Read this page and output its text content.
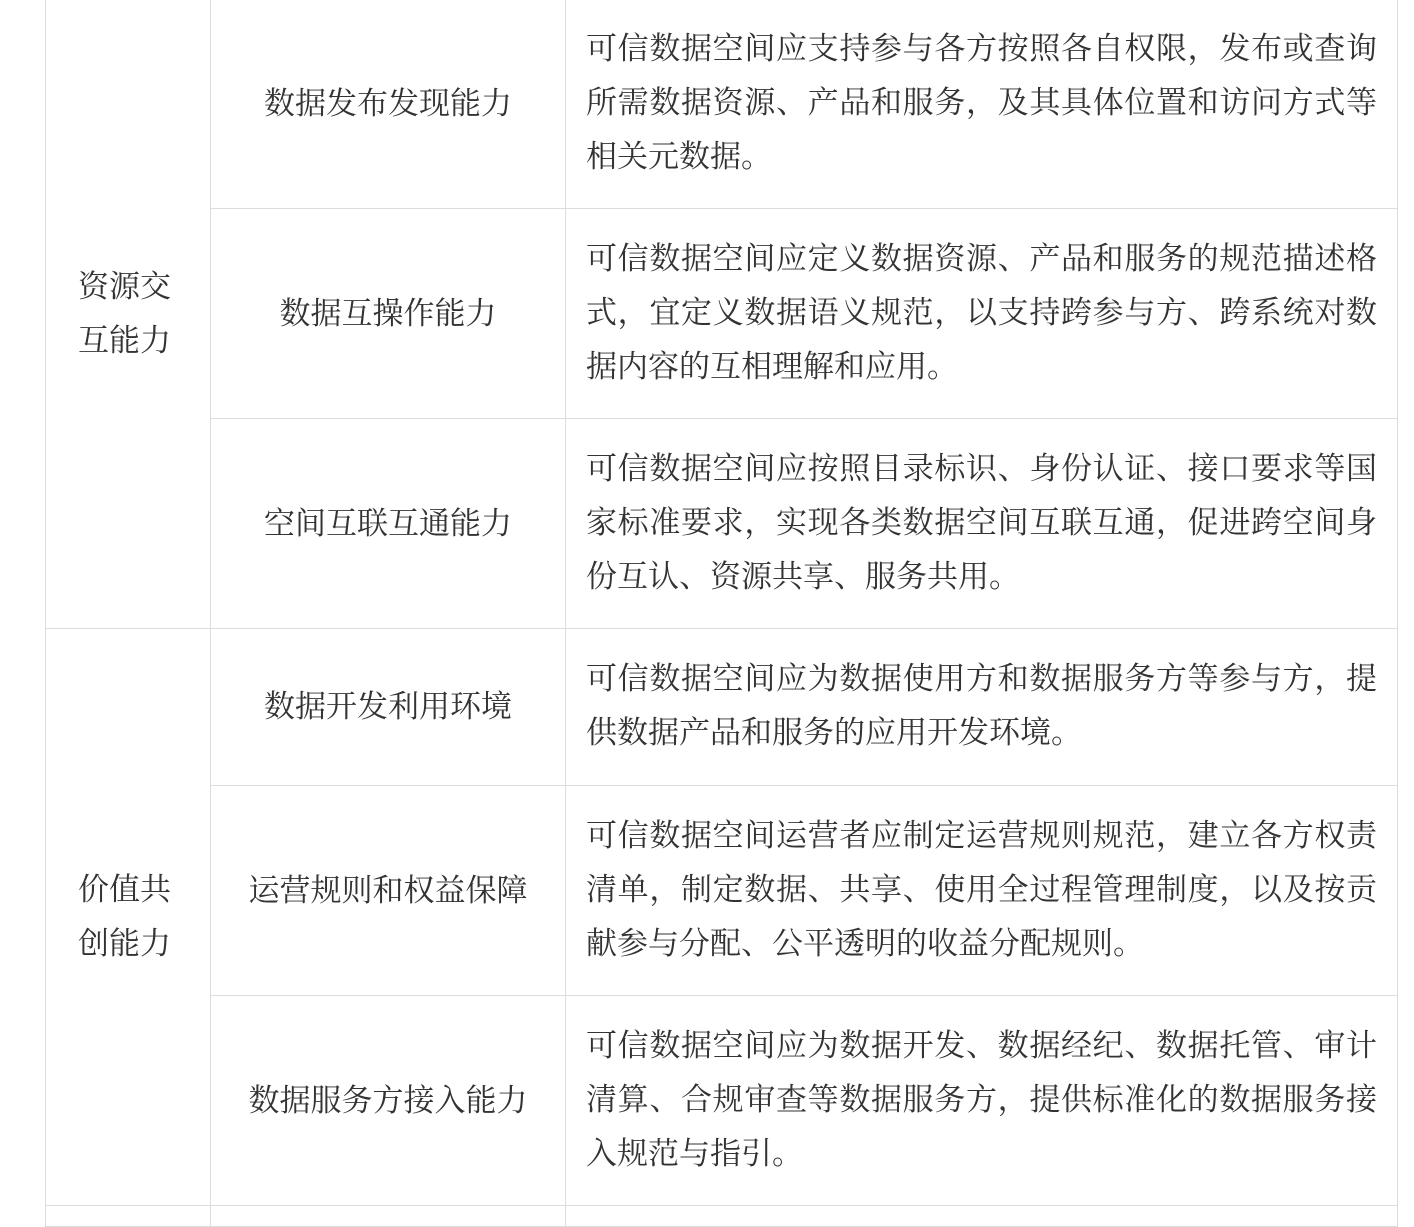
资源交互能力	数据发布发现能力	可信数据空间应支持参与各方按照各自权限，发布或查询所需数据资源、产品和服务，及其具体位置和访问方式等相关元数据。
	数据互操作能力	可信数据空间应定义数据资源、产品和服务的规范描述格式，宜定义数据语义规范，以支持跨参与方、跨系统对数据内容的互相理解和应用。
	空间互联互通能力	可信数据空间应按照目录标识、身份认证、接口要求等国家标准要求，实现各类数据空间互联互通，促进跨空间身份互认、资源共享、服务共用。
价值共创能力	数据开发利用环境	可信数据空间应为数据使用方和数据服务方等参与方，提供数据产品和服务的应用开发环境。
	运营规则和权益保障	可信数据空间运营者应制定运营规则规范，建立各方权责清单，制定数据、共享、使用全过程管理制度，以及按贡献参与分配、公平透明的收益分配规则。
	数据服务方接入能力	可信数据空间应为数据开发、数据经纪、数据托管、审计清算、合规审查等数据服务方，提供标准化的数据服务接入规范与指引。
